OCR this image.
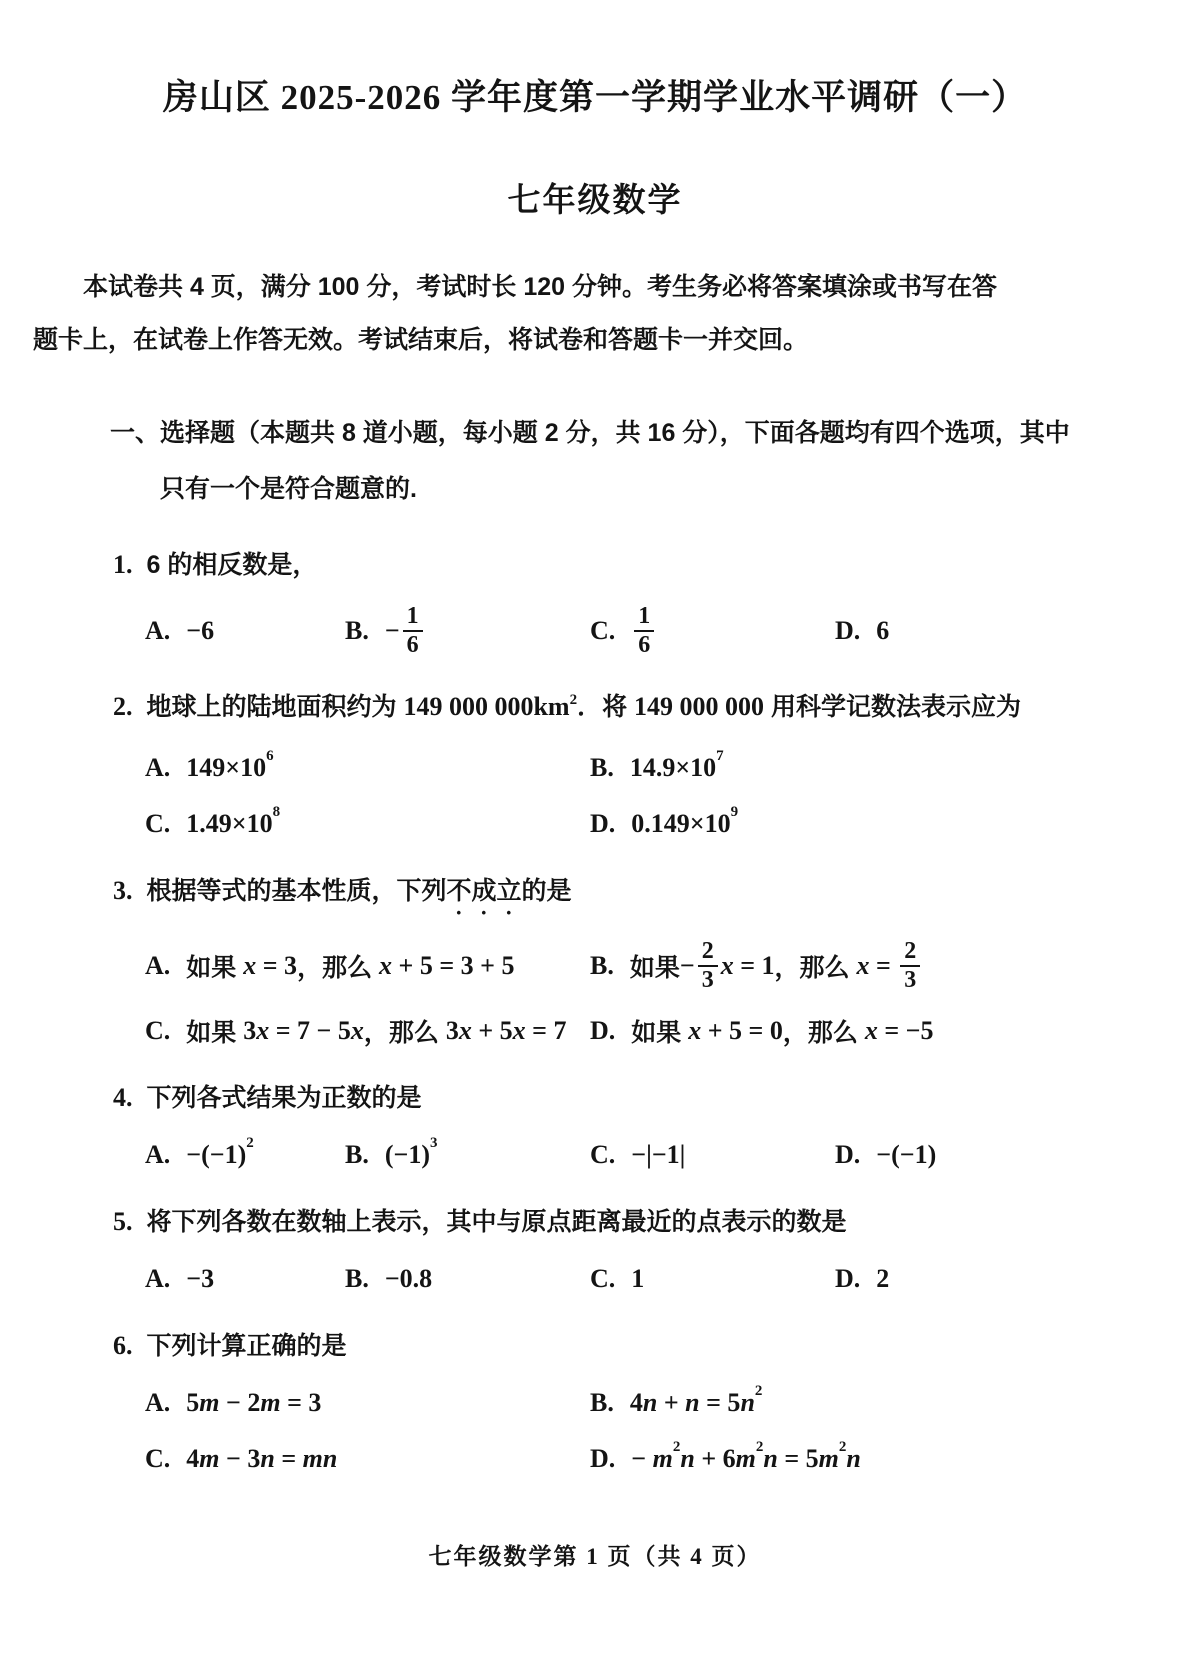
房山区 2025-2026 学年度第一学期学业水平调研（一）
七年级数学
本试卷共 4 页，满分 100 分，考试时长 120 分钟。考生务必将答案填涂或书写在答
题卡上，在试卷上作答无效。考试结束后，将试卷和答题卡一并交回。
一、选择题（本题共 8 道小题，每小题 2 分，共 16 分），下面各题均有四个选项，其中
只有一个是符合题意的.
1. 6 的相反数是，
A. −6	B. − $\frac{1}{6}$	C. $\frac{1}{6}$	D. 6
2. 地球上的陆地面积约为 149 000 $000km^2$．将 149 000 000 用科学记数法表示应为
A. 149×10 6	B. 14.9×10 7
C. 1.49×10 8	D. 0.149×10 9
3. 根据等式的基本性质，下列不成立的是
A. 如果 x = 3 ，那么 x + 5 = 3 + 5	B. 如果 − $\frac{2}{3}$ x = 1 ，那么 $x = \frac{2}{3}$
C. 如果 3 x = 7 − 5 x ，那么 3 x + 5 x = 7 D. 如果 x + 5 = 0 ，那么 x = −5
4. 下列各式结果为正数的是
A. −(−1) 2	B. (−1) 3	C. −|−1|	D. −(−1)
5. 将下列各数在数轴上表示，其中与原点距离最近的点表示的数是
A. −3	B. −0.8	C. 1	D. 2
6. 下列计算正确的是
A. 5 m − 2 m = 3	B. 4 n + n = 5 n 2
C. 4 m − 3 n = m n	D. − m 2 n + 6 m 2 n = 5 m 2 n
七年级数学第 1 页（共 4 页）
